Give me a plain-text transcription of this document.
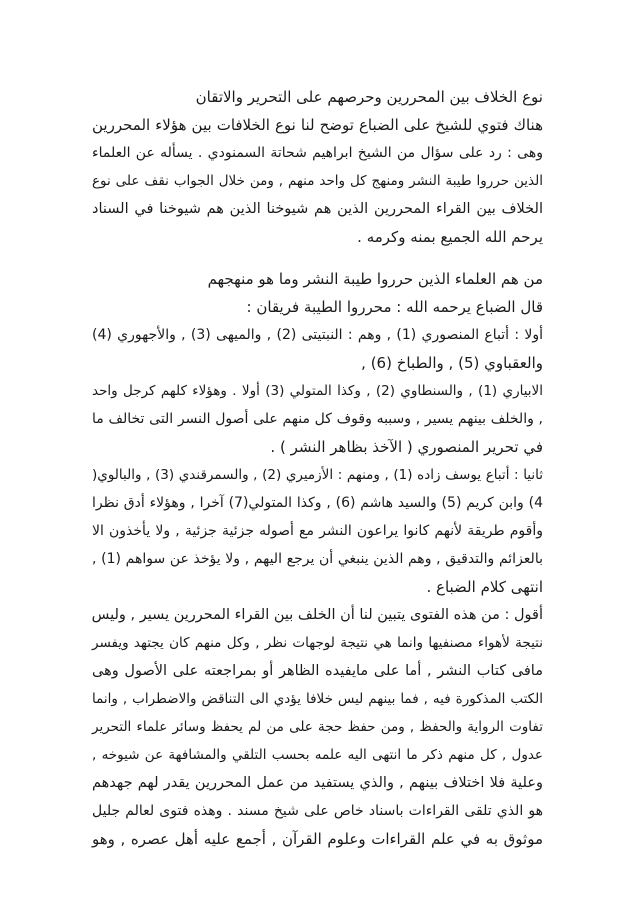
نوع الخلاف بين المحررين وحرصهم على التحرير والاتقان
هناك فتوي للشيخ على الضباع توضح لنا نوع الخلافات بين هؤلاء المحررين
وهى : رد على سؤال من الشيخ ابراهيم شحاتة السمنودي . يسأله عن العلماء
الذين حرروا طيبة النشر ومنهج كل واحد منهم , ومن خلال الجواب نقف على نوع
الخلاف بين القراء المحررين الذين هم شيوخنا الذين هم شيوخنا في السناد
يرحم الله الجميع بمنه وكرمه .
من هم العلماء الذين حرروا طيبة النشر وما هو منهجهم
قال الضباع يرحمه الله : محرروا الطيبة فريقان :
أولا : أتباع المنصوري (1) , وهم : النبتيتى (2) , والميهى (3) , والأجهوري (4)
والعقباوي (5) , والطباخ (6) ,
الابياري (1) , والسنطاوي (2) , وكذا المتولي (3) أولا . وهؤلاء كلهم كرجل واحد
, والخلف بينهم يسير , وسببه وقوف كل منهم على أصول النسر التى تخالف ما
في تحرير المنصوري ( الآخذ بظاهر النشر ) .
ثانيا : أتباع يوسف زاده (1) , ومنهم : الأزميري (2) , والسمرقندي (3) , والبالوي(
4) وابن كريم (5) والسيد هاشم (6) , وكذا المتولي(7) آخرا , وهؤلاء أدق نظرا
وأقوم طريقة لأنهم كانوا يراعون النشر مع أصوله جزئية جزئية , ولا يأخذون الا
بالعزائم والتدقيق , وهم الذين ينبغي أن يرجع اليهم , ولا يؤخذ عن سواهم (1) ,
انتهى كلام الضباع .
أقول : من هذه الفتوى يتبين لنا أن الخلف بين القراء المحررين يسير , وليس
نتيجة لأهواء مصنفيها وانما هي نتيجة لوجهات نظر , وكل منهم كان يجتهد ويفسر
مافى كتاب النشر , أما على مايفيده الظاهر أو بمراجعته على الأصول وهى
الكتب المذكورة فيه , فما بينهم ليس خلافا يؤدي الى التناقض والاضطراب , وانما
تفاوت الرواية والحفظ , ومن حفظ حجة على من لم يحفظ وسائر علماء التحرير
عدول , كل منهم ذكر ما انتهى اليه علمه بحسب التلقي والمشافهة عن شيوخه ,
وعلية فلا اختلاف بينهم , والذي يستفيد من عمل المحررين يقدر لهم جهدهم
هو الذي تلقى القراءات باسناد خاص على شيخ مسند . وهذه فتوى لعالم جليل
موثوق به في علم القراءات وعلوم القرآن , أجمع عليه أهل عصره , وهو
